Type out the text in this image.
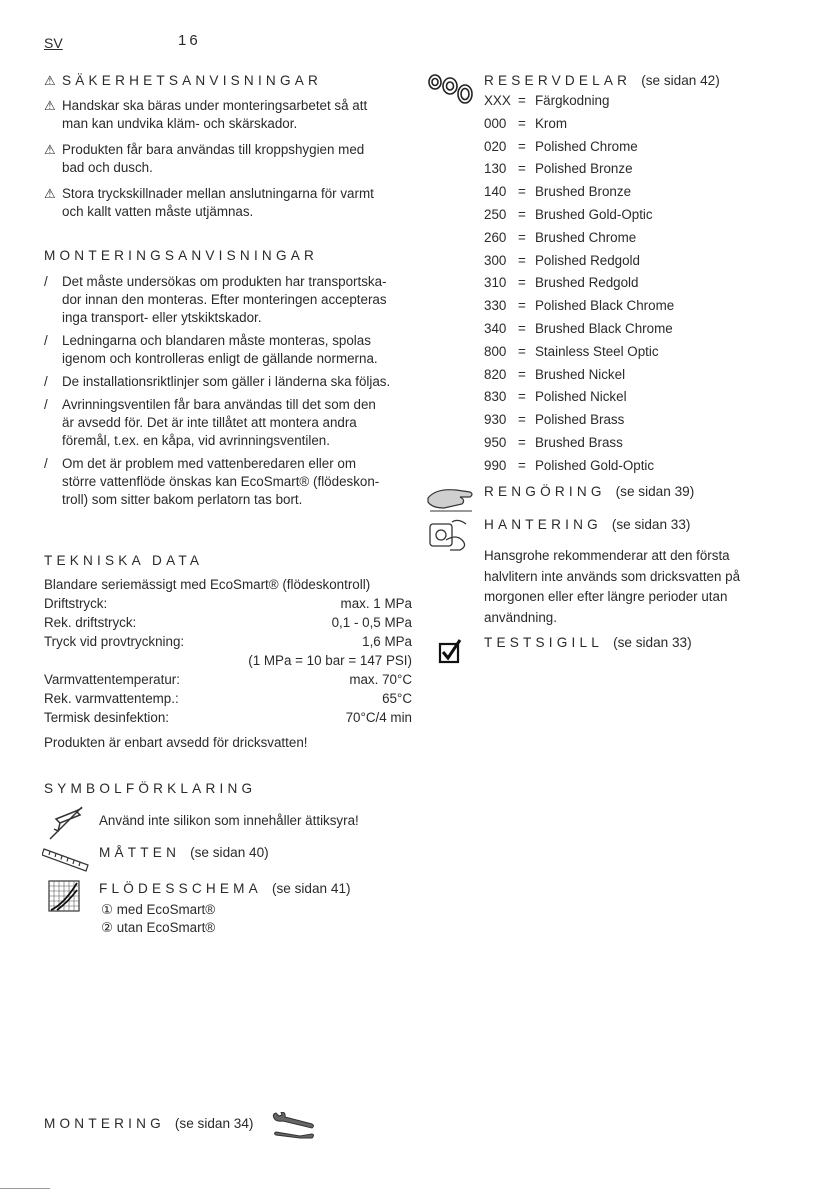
SV	16
⚠ SÄKERHETSANVISNINGAR
⚠ Handskar ska bäras under monteringsarbetet så att
man kan undvika kläm- och skärskador.
⚠ Produkten får bara användas till kroppshygien med
bad och dusch.
⚠ Stora tryckskillnader mellan anslutningarna för varmt
och kallt vatten måste utjämnas.
MONTERINGSANVISNINGAR
/ Det måste undersökas om produkten har transportska-
dor innan den monteras. Efter monteringen accepteras
inga transport- eller ytskiktskador.
/ Ledningarna och blandaren måste monteras, spolas
igenom och kontrolleras enligt de gällande normerna.
/ De installationsriktlinjer som gäller i länderna ska följas.
/ Avrinningsventilen får bara användas till det som den
är avsedd för. Det är inte tillåtet att montera andra
föremål, t.ex. en kåpa, vid avrinningsventilen.
/ Om det är problem med vattenberedaren eller om
större vattenflöde önskas kan EcoSmart® (flödeskon-
troll) som sitter bakom perlatorn tas bort.
TEKNISKA DATA
Blandare seriemässigt med EcoSmart® (flödeskontroll)
Driftstryck:	max. 1 MPa
Rek. driftstryck:	0,1 - 0,5 MPa
Tryck vid provtryckning:	1,6 MPa
(1 MPa = 10 bar = 147 PSI)
Varmvattentemperatur:	max. 70°C
Rek. varmvattentemp.:	65°C
Termisk desinfektion:	70°C/4 min
Produkten är enbart avsedd för dricksvatten!
SYMBOLFÖRKLARING
Använd inte silikon som innehåller ättiksyra!
MÅTTEN (se sidan 40)
FLÖDESSCHEMA (se sidan 41)
① med EcoSmart®
② utan EcoSmart®
MONTERING (se sidan 34)
RESERVDELAR (se sidan 42)
XXX = Färgkodning
000 = Krom
020 = Polished Chrome
130 = Polished Bronze
140 = Brushed Bronze
250 = Brushed Gold-Optic
260 = Brushed Chrome
300 = Polished Redgold
310 = Brushed Redgold
330 = Polished Black Chrome
340 = Brushed Black Chrome
800 = Stainless Steel Optic
820 = Brushed Nickel
830 = Polished Nickel
930 = Polished Brass
950 = Brushed Brass
990 = Polished Gold-Optic
RENGÖRING (se sidan 39)
HANTERING (se sidan 33)
Hansgrohe rekommenderar att den första
halvlitern inte används som dricksvatten på
morgonen eller efter längre perioder utan
användning.
TESTSIGILL (se sidan 33)
